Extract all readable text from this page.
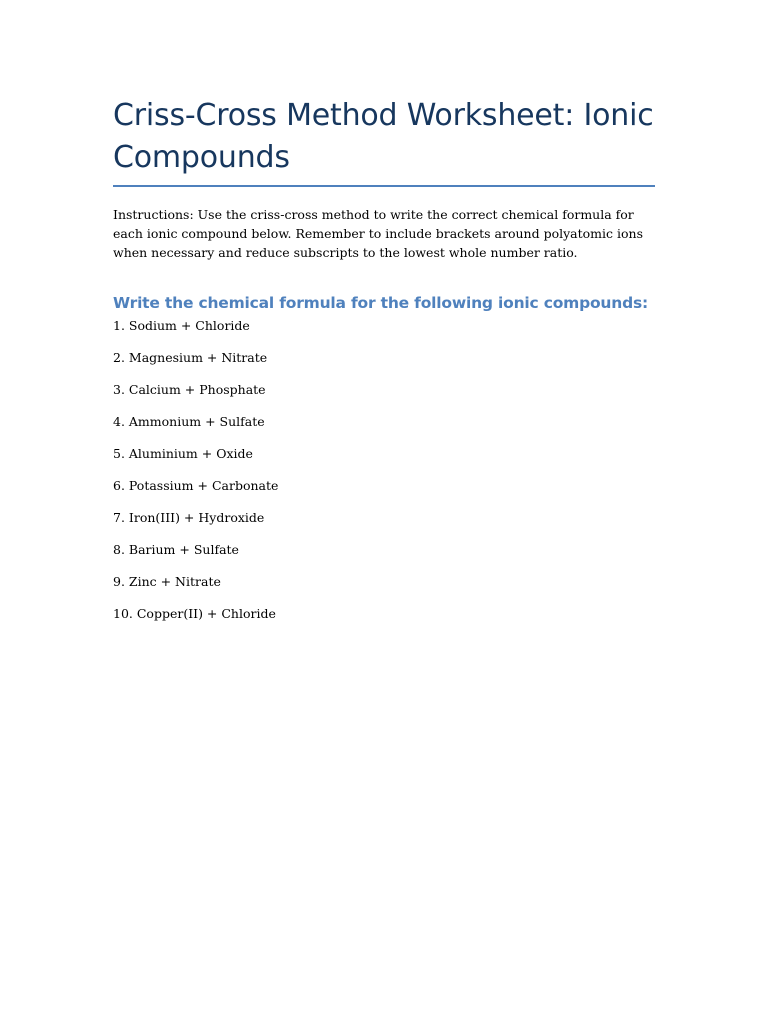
Criss-Cross Method Worksheet: Ionic Compounds

Instructions: Use the criss-cross method to write the correct chemical formula for each ionic compound below. Remember to include brackets around polyatomic ions when necessary and reduce subscripts to the lowest whole number ratio.

Write the chemical formula for the following ionic compounds:
1. Sodium + Chloride
2. Magnesium + Nitrate
3. Calcium + Phosphate
4. Ammonium + Sulfate
5. Aluminium + Oxide
6. Potassium + Carbonate
7. Iron(III) + Hydroxide
8. Barium + Sulfate
9. Zinc + Nitrate
10. Copper(II) + Chloride
